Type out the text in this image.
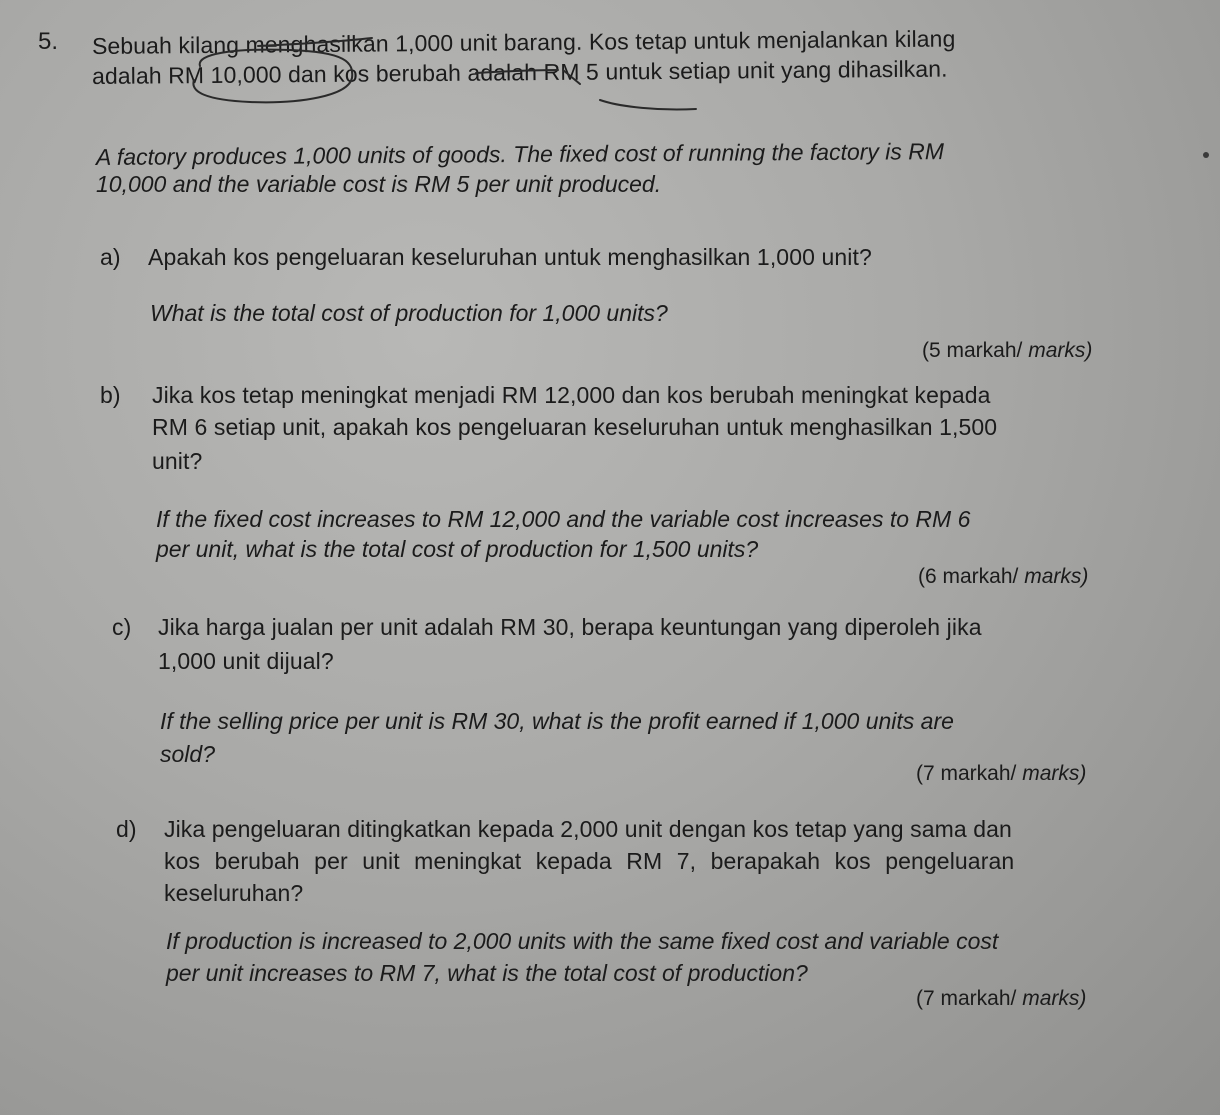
5. Sebuah kilang menghasilkan 1,000 unit barang. Kos tetap untuk menjalankan kilang
adalah RM 10,000 dan kos berubah adalah RM 5 untuk setiap unit yang dihasilkan.
A factory produces 1,000 units of goods. The fixed cost of running the factory is RM
10,000 and the variable cost is RM 5 per unit produced.
a) Apakah kos pengeluaran keseluruhan untuk menghasilkan 1,000 unit?
What is the total cost of production for 1,000 units?
(5 markah/ marks)
b) Jika kos tetap meningkat menjadi RM 12,000 dan kos berubah meningkat kepada
RM 6 setiap unit, apakah kos pengeluaran keseluruhan untuk menghasilkan 1,500
unit?
If the fixed cost increases to RM 12,000 and the variable cost increases to RM 6
per unit, what is the total cost of production for 1,500 units?
(6 markah/ marks)
c) Jika harga jualan per unit adalah RM 30, berapa keuntungan yang diperoleh jika
1,000 unit dijual?
If the selling price per unit is RM 30, what is the profit earned if 1,000 units are
sold?
(7 markah/ marks)
d) Jika pengeluaran ditingkatkan kepada 2,000 unit dengan kos tetap yang sama dan
kos berubah per unit meningkat kepada RM 7, berapakah kos pengeluaran
keseluruhan?
If production is increased to 2,000 units with the same fixed cost and variable cost
per unit increases to RM 7, what is the total cost of production?
(7 markah/ marks)
